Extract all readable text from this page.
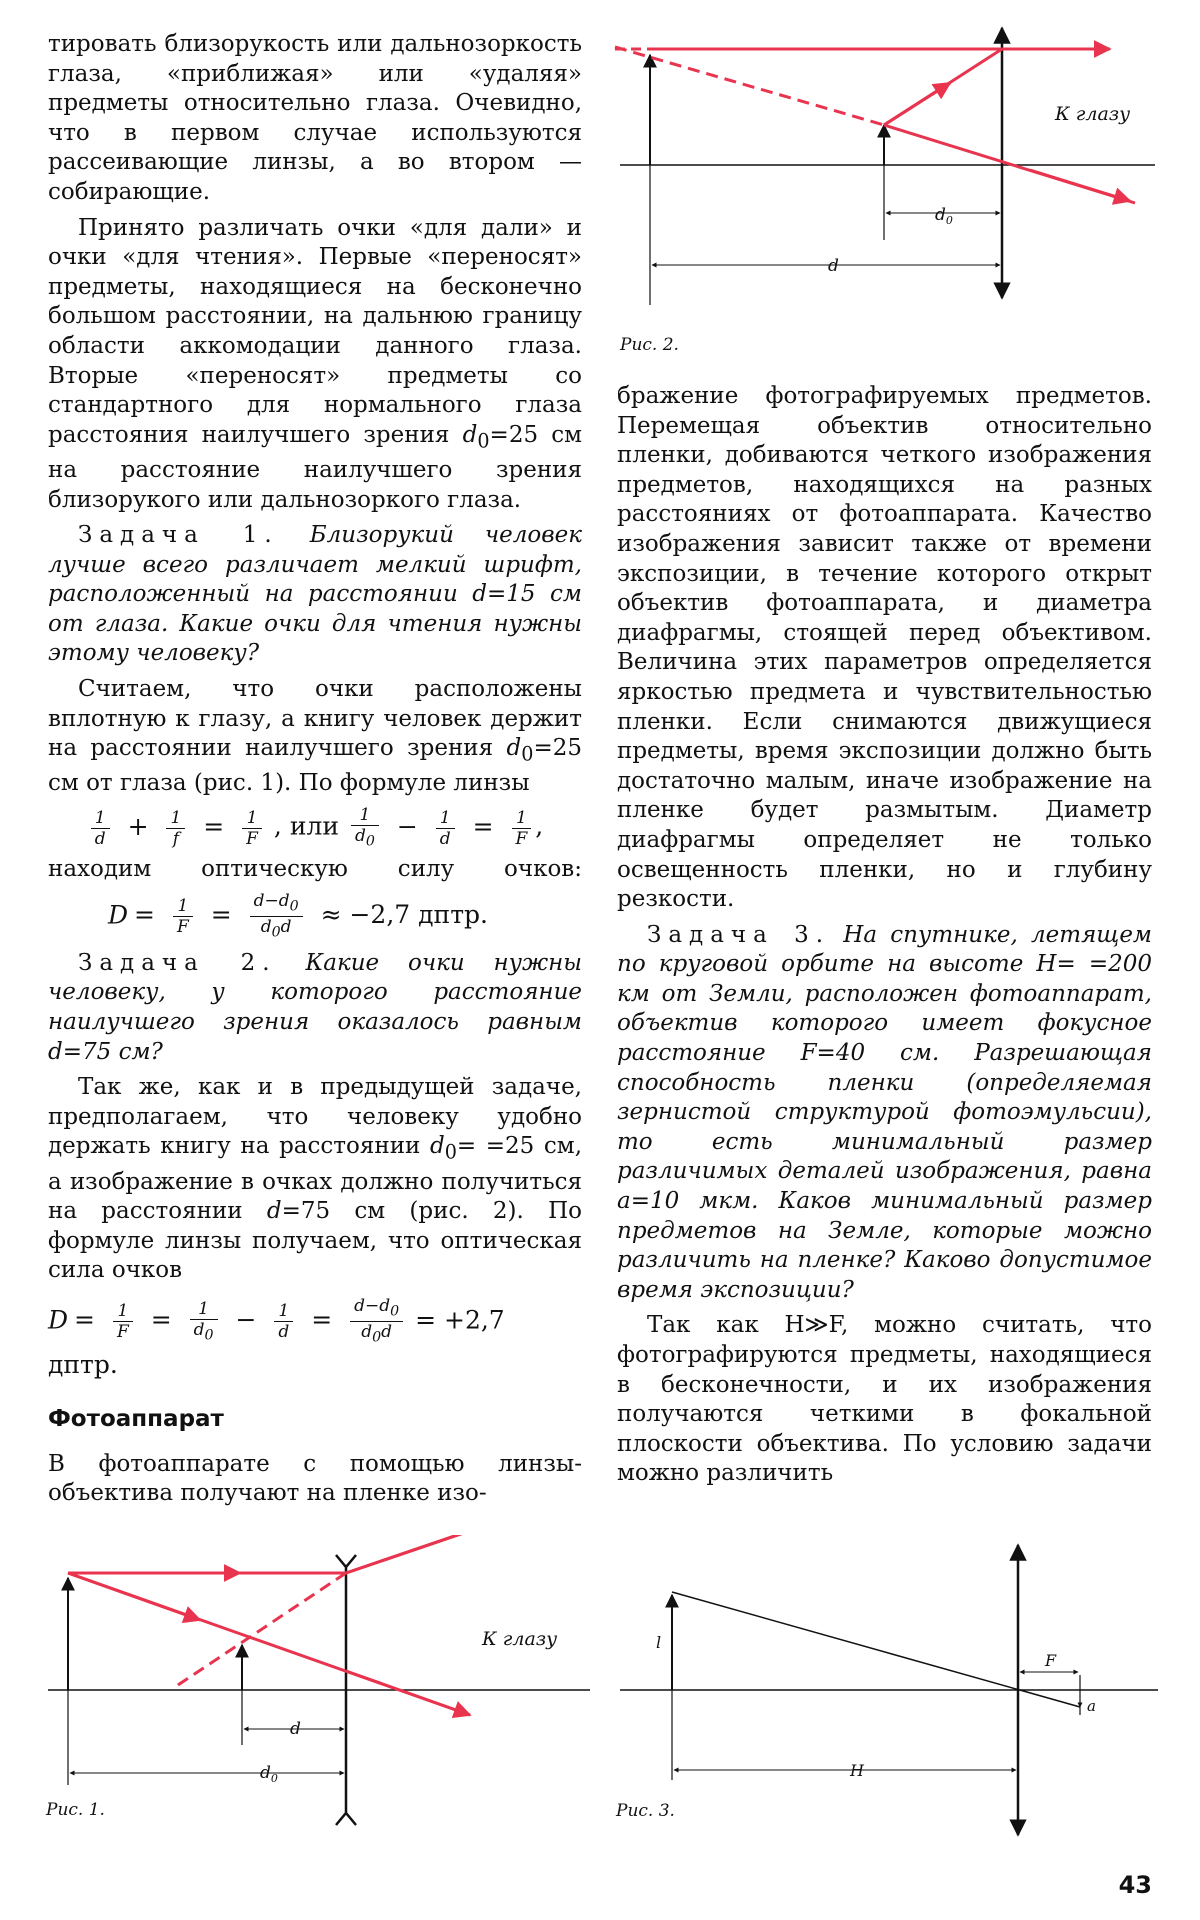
тировать близорукость или дальнозоркость глаза, «приближая» или «удаляя» предметы относительно глаза. Очевидно, что в первом случае используются рассеивающие линзы, а во втором — собирающие.

Принято различать очки «для дали» и очки «для чтения». Первые «переносят» предметы, находящиеся на бесконечно большом расстоянии, на дальнюю границу области аккомодации данного глаза. Вторые «переносят» предметы со стандартного для нормального глаза расстояния наилучшего зрения $d_0=25$ см на расстояние наилучшего зрения близорукого или дальнозоркого глаза.

Задача 1. Близорукий человек лучше всего различает мелкий шрифт, расположенный на расстоянии d=15 см от глаза. Какие очки для чтения нужны этому человеку?

Считаем, что очки расположены вплотную к глазу, а книгу человек держит на расстоянии наилучшего зрения $d_0=25$ см от глаза (рис. 1). По формуле линзы

$\frac{1}{d} + \frac{1}{f} = \frac{1}{F}$ , или $\frac{1}{d_0} - \frac{1}{d} = \frac{1}{F}$ ,

находим оптическую силу очков:

$D = \frac{1}{F} = \frac{d-d_0}{d_0d} \approx -2,7$ дптр.

Задача 2. Какие очки нужны человеку, у которого расстояние наилучшего зрения оказалось равным d=75 см?

Так же, как и в предыдущей задаче, предполагаем, что человеку удобно держать книгу на расстоянии $d_0= =25$ см, а изображение в очках должно получиться на расстоянии d=75 см (рис. 2). По формуле линзы получаем, что оптическая сила очков

$D = \frac{1}{F} = \frac{1}{d_0} - \frac{1}{d} = \frac{d-d_0}{d_0d} = +2,7$ дптр.
Фотоаппарат

В фотоаппарате с помощью линзы-объектива получают на пленке изо-

бражение фотографируемых предметов. Перемещая объектив относительно пленки, добиваются четкого изображения предметов, находящихся на разных расстояниях от фотоаппарата. Качество изображения зависит также от времени экспозиции, в течение которого открыт объектив фотоаппарата, и диаметра диафрагмы, стоящей перед объективом. Величина этих параметров определяется яркостью предмета и чувствительностью пленки. Если снимаются движущиеся предметы, время экспозиции должно быть достаточно малым, иначе изображение на пленке будет размытым. Диаметр диафрагмы определяет не только освещенность пленки, но и глубину резкости.

Задача 3. На спутнике, летящем по круговой орбите на высоте H= =200 км от Земли, расположен фотоаппарат, объектив которого имеет фокусное расстояние F=40 см. Разрешающая способность пленки (определяемая зернистой структурой фотоэмульсии), то есть минимальный размер различимых деталей изображения, равна a=10 мкм. Каков минимальный размер предметов на Земле, которые можно различить на пленке? Каково допустимое время экспозиции?

Так как H≫F, можно считать, что фотографируются предметы, находящиеся в бесконечности, и их изображения получаются четкими в фокальной плоскости объектива. По условию задачи можно различить

$d_0$
d
К глазу
Рис. 2.
d
$d_0$
К глазу
Рис. 1.
a
F
l
H
Рис. 3.
43
